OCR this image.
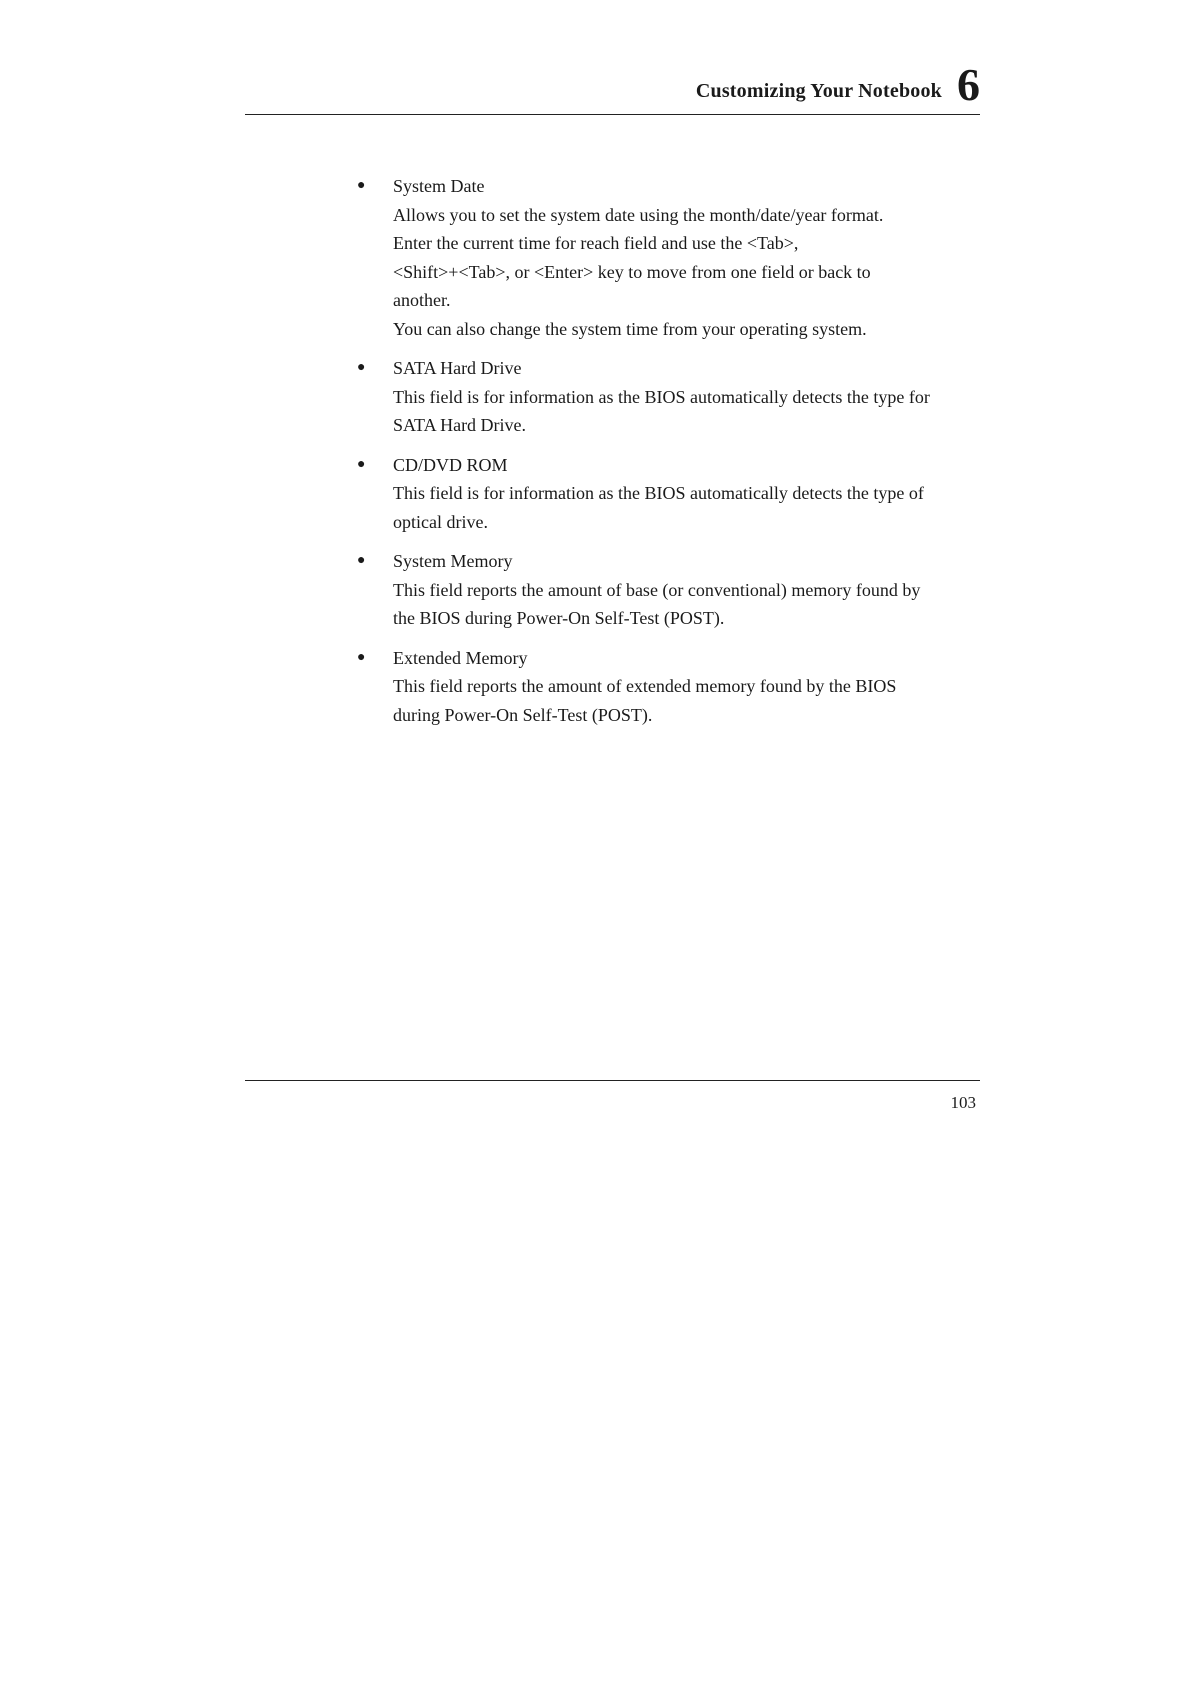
Customizing Your Notebook 6
● System Date
Allows you to set the system date using the month/date/year format.
Enter the current time for reach field and use the <Tab>,
<Shift>+<Tab>, or <Enter> key to move from one field or back to
another.
You can also change the system time from your operating system.
● SATA Hard Drive
This field is for information as the BIOS automatically detects the type for
SATA Hard Drive.
● CD/DVD ROM
This field is for information as the BIOS automatically detects the type of
optical drive.
● System Memory
This field reports the amount of base (or conventional) memory found by
the BIOS during Power-On Self-Test (POST).
● Extended Memory
This field reports the amount of extended memory found by the BIOS
during Power-On Self-Test (POST).
103
